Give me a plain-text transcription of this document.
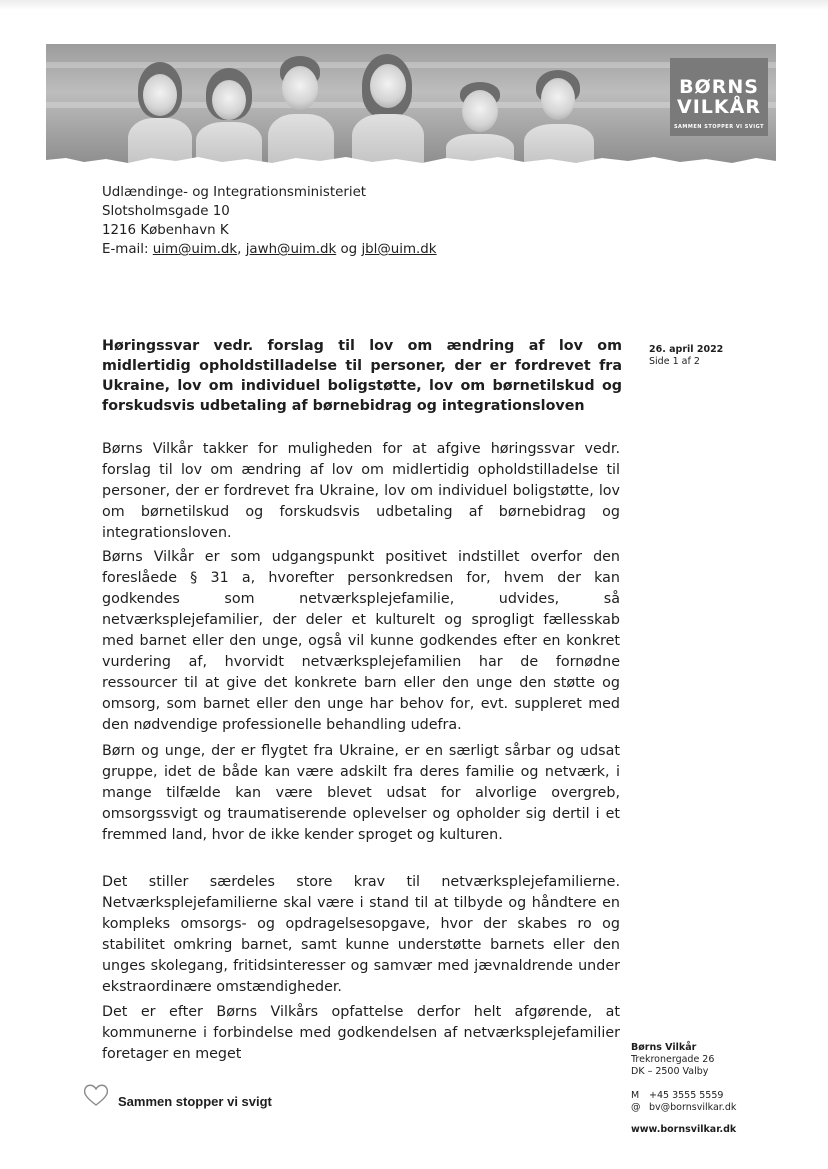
BØRNS
VILKÅR
SAMMEN STOPPER VI SVIGT
Udlændinge- og Integrationsministeriet
Slotsholmsgade 10
1216 København K
E-mail: uim@uim.dk, jawh@uim.dk og jbl@uim.dk
Høringssvar vedr. forslag til lov om ændring af lov om midlertidig opholdstilladelse til personer, der er fordrevet fra Ukraine, lov om individuel boligstøtte, lov om børnetilskud og forskudsvis udbetaling af børnebidrag og integrationsloven
26. april 2022
Side 1 af 2
Børns Vilkår takker for muligheden for at afgive høringssvar vedr. forslag til lov om ændring af lov om midlertidig opholdstilladelse til personer, der er fordrevet fra Ukraine, lov om individuel boligstøtte, lov om børnetilskud og forskudsvis udbetaling af børnebidrag og integrationsloven.
Børns Vilkår er som udgangspunkt positivet indstillet overfor den foreslåede § 31 a, hvorefter personkredsen for, hvem der kan godkendes som netværksplejefamilie, udvides, så netværksplejefamilier, der deler et kulturelt og sprogligt fællesskab med barnet eller den unge, også vil kunne godkendes efter en konkret vurdering af, hvorvidt netværksplejefamilien har de fornødne ressourcer til at give det konkrete barn eller den unge den støtte og omsorg, som barnet eller den unge har behov for, evt. suppleret med den nødvendige professionelle behandling udefra.
Børn og unge, der er flygtet fra Ukraine, er en særligt sårbar og udsat gruppe, idet de både kan være adskilt fra deres familie og netværk, i mange tilfælde kan være blevet udsat for alvorlige overgreb, omsorgssvigt og traumatiserende oplevelser og opholder sig dertil i et fremmed land, hvor de ikke kender sproget og kulturen.
Det stiller særdeles store krav til netværksplejefamilierne. Netværksplejefamilierne skal være i stand til at tilbyde og håndtere en kompleks omsorgs- og opdragelsesopgave, hvor der skabes ro og stabilitet omkring barnet, samt kunne understøtte barnets eller den unges skolegang, fritidsinteresser og samvær med jævnaldrende under ekstraordinære omstændigheder.
Det er efter Børns Vilkårs opfattelse derfor helt afgørende, at kommunerne i forbindelse med godkendelsen af netværksplejefamilier foretager en meget
Sammen stopper vi svigt
Børns Vilkår
Trekronergade 26
DK – 2500 Valby
M +45 3555 5559
@ bv@bornsvilkar.dk
www.bornsvilkar.dk
